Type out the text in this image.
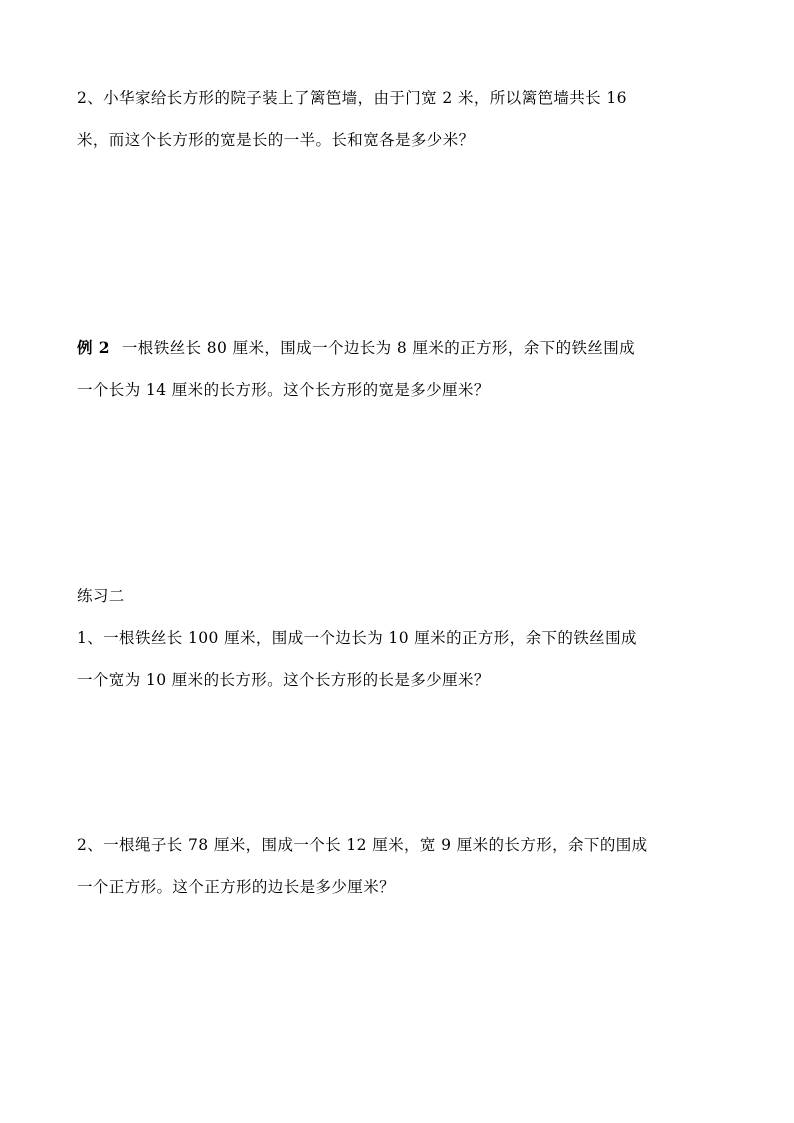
2、小华家给长方形的院子装上了篱笆墙，由于门宽 2 米，所以篱笆墙共长 16
米，而这个长方形的宽是长的一半。长和宽各是多少米？
例 2 一根铁丝长 80 厘米，围成一个边长为 8 厘米的正方形，余下的铁丝围成
一个长为 14 厘米的长方形。这个长方形的宽是多少厘米？
练习二
1、一根铁丝长 100 厘米，围成一个边长为 10 厘米的正方形，余下的铁丝围成
一个宽为 10 厘米的长方形。这个长方形的长是多少厘米？
2、一根绳子长 78 厘米，围成一个长 12 厘米，宽 9 厘米的长方形，余下的围成
一个正方形。这个正方形的边长是多少厘米？
